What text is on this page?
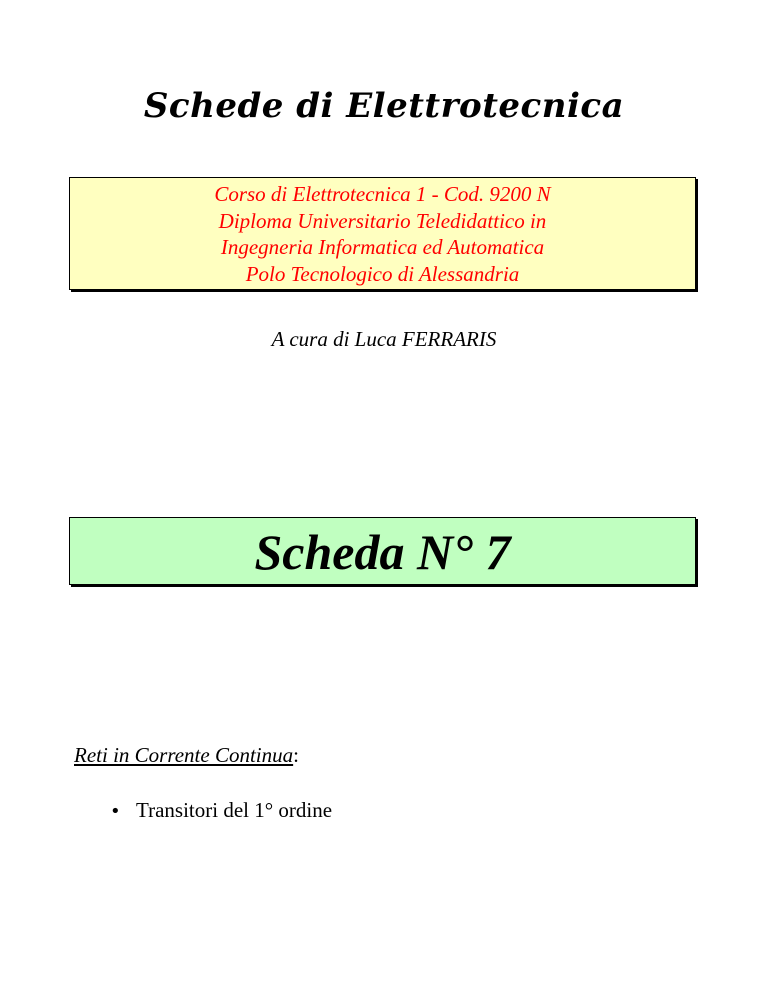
Schede di Elettrotecnica
Corso di Elettrotecnica 1 - Cod. 9200 N
Diploma Universitario Teledidattico in
Ingegneria Informatica ed Automatica
Polo Tecnologico di Alessandria
A cura di Luca FERRARIS
Scheda N° 7
Reti in Corrente Continua:
• Transitori del 1° ordine
